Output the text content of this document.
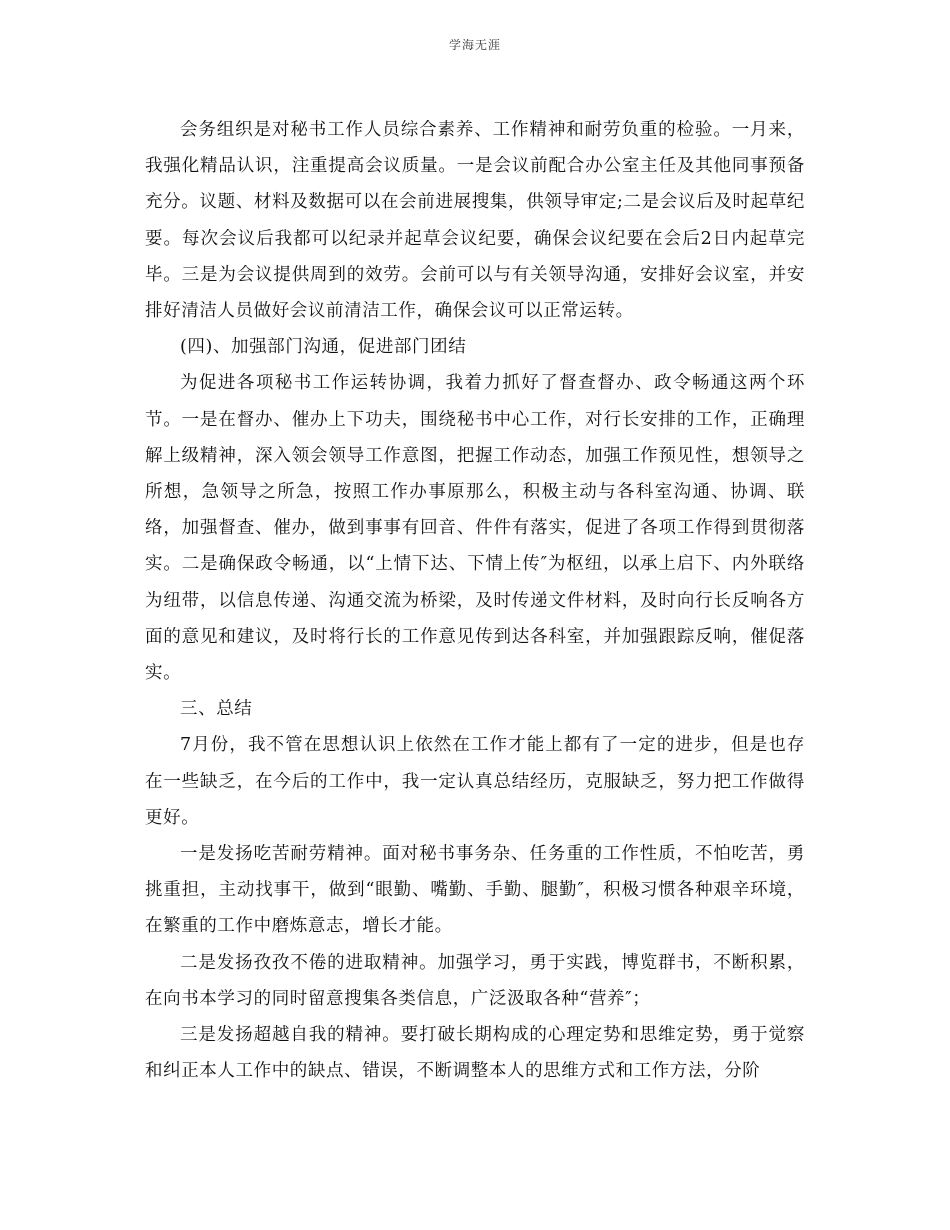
学海无涯

会务组织是对秘书工作人员综合素养、工作精神和耐劳负重的检验。一月来，我强化精品认识，注重提高会议质量。一是会议前配合办公室主任及其他同事预备充分。议题、材料及数据可以在会前进展搜集，供领导审定;二是会议后及时起草纪要。每次会议后我都可以纪录并起草会议纪要，确保会议纪要在会后2日内起草完毕。三是为会议提供周到的效劳。会前可以与有关领导沟通，安排好会议室，并安排好清洁人员做好会议前清洁工作，确保会议可以正常运转。

(四)、加强部门沟通，促进部门团结

为促进各项秘书工作运转协调，我着力抓好了督查督办、政令畅通这两个环节。一是在督办、催办上下功夫，围绕秘书中心工作，对行长安排的工作，正确理解上级精神，深入领会领导工作意图，把握工作动态，加强工作预见性，想领导之所想，急领导之所急，按照工作办事原那么，积极主动与各科室沟通、协调、联络，加强督查、催办，做到事事有回音、件件有落实，促进了各项工作得到贯彻落实。二是确保政令畅通，以“上情下达、下情上传″为枢纽，以承上启下、内外联络为纽带，以信息传递、沟通交流为桥梁，及时传递文件材料，及时向行长反响各方面的意见和建议，及时将行长的工作意见传到达各科室，并加强跟踪反响，催促落实。

三、总结

7月份，我不管在思想认识上依然在工作才能上都有了一定的进步，但是也存在一些缺乏，在今后的工作中，我一定认真总结经历，克服缺乏，努力把工作做得更好。

一是发扬吃苦耐劳精神。面对秘书事务杂、任务重的工作性质，不怕吃苦，勇挑重担，主动找事干，做到“眼勤、嘴勤、手勤、腿勤″，积极习惯各种艰辛环境，在繁重的工作中磨炼意志，增长才能。

二是发扬孜孜不倦的进取精神。加强学习，勇于实践，博览群书，不断积累，在向书本学习的同时留意搜集各类信息，广泛汲取各种“营养″；

三是发扬超越自我的精神。要打破长期构成的心理定势和思维定势，勇于觉察和纠正本人工作中的缺点、错误，不断调整本人的思维方式和工作方法，分阶
